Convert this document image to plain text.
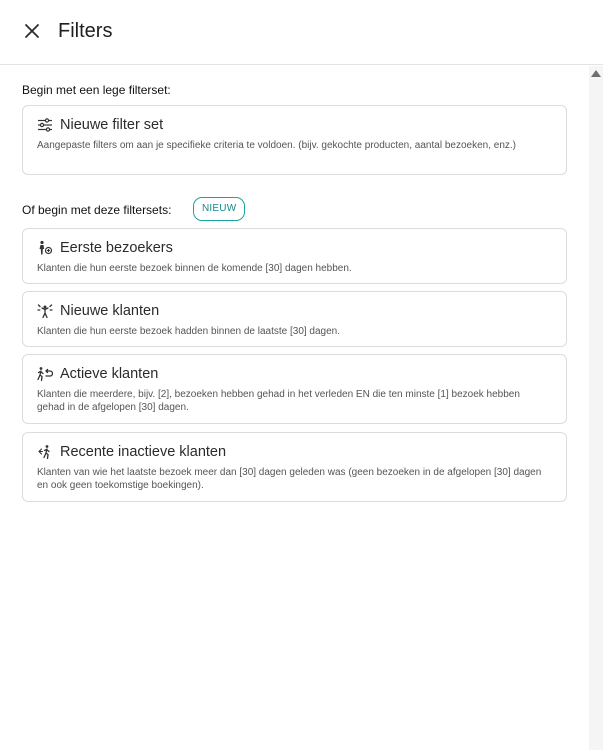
Filters
Begin met een lege filterset:
Nieuwe filter set
Aangepaste filters om aan je specifieke criteria te voldoen. (bijv. gekochte producten, aantal bezoeken, enz.)
Of begin met deze filtersets:	NIEUW
Eerste bezoekers
Klanten die hun eerste bezoek binnen de komende [30] dagen hebben.
Nieuwe klanten
Klanten die hun eerste bezoek hadden binnen de laatste [30] dagen.
Actieve klanten
Klanten die meerdere, bijv. [2], bezoeken hebben gehad in het verleden EN die ten minste [1] bezoek hebben gehad in de afgelopen [30] dagen.
Recente inactieve klanten
Klanten van wie het laatste bezoek meer dan [30] dagen geleden was (geen bezoeken in de afgelopen [30] dagen en ook geen toekomstige boekingen).
